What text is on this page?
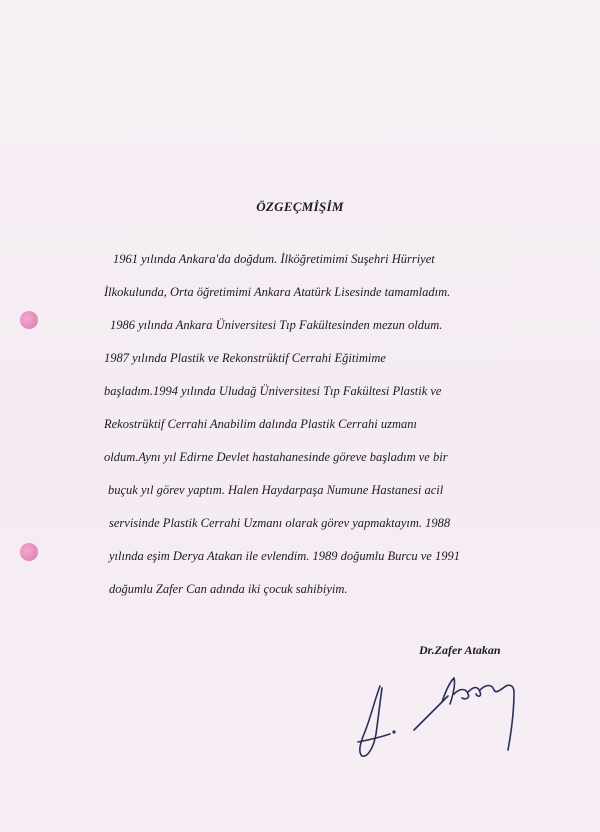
ÖZGEÇMİŞİM
1961 yılında Ankara'da doğdum. İlköğretimimi Suşehri Hürriyet
İlkokulunda, Orta öğretimimi Ankara Atatürk Lisesinde tamamladım.
1986 yılında Ankara Üniversitesi Tıp Fakültesinden mezun oldum.
1987 yılında Plastik ve Rekonstrüktif Cerrahi Eğitimime
başladım.1994 yılında Uludağ Üniversitesi Tıp Fakültesi Plastik ve
Rekostrüktif Cerrahi Anabilim dalında Plastik Cerrahi uzmanı
oldum.Aynı yıl Edirne Devlet hastahanesinde göreve başladım ve bir
buçuk yıl görev yaptım. Halen Haydarpaşa Numune Hastanesi acil
servisinde Plastik Cerrahi Uzmanı olarak görev yapmaktayım. 1988
yılında eşim Derya Atakan ile evlendim. 1989 doğumlu Burcu ve 1991
doğumlu Zafer Can adında iki çocuk sahibiyim.
Dr.Zafer Atakan
